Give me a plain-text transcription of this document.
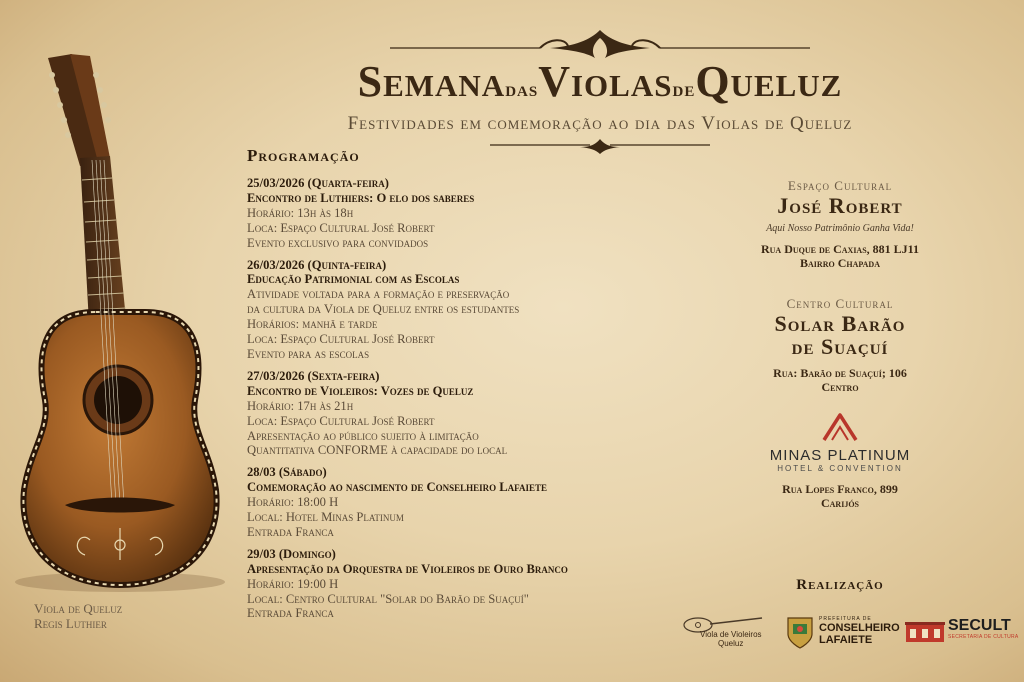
SemanadasViolasdeQueluz
Festividades em comemoração ao dia das Violas de Queluz
Viola de Queluz
Regis Luthier
Programação
25/03/2026 (Quarta-feira)
Encontro de Luthiers: O elo dos saberes
Horário: 13h às 18h
Loca: Espaço Cultural José Robert
Evento exclusivo para convidados
26/03/2026 (Quinta-feira)
Educação Patrimonial com as Escolas
Atividade voltada para a formação e preservação
da cultura da Viola de Queluz entre os estudantes
Horários: manhã e tarde
Loca: Espaço Cultural José Robert
Evento para as escolas
27/03/2026 (Sexta-feira)
Encontro de Violeiros: Vozes de Queluz
Horário: 17h às 21h
Loca: Espaço Cultural José Robert
Apresentação ao público sujeito à limitação
Quantitativa CONFORME à capacidade do local
28/03 (Sábado)
Comemoração ao nascimento de Conselheiro Lafaiete
Horário: 18:00 H
Local: Hotel Minas Platinum
Entrada Franca
29/03 (Domingo)
Apresentação da Orquestra de Violeiros de Ouro Branco
Horário: 19:00 H
Local: Centro Cultural "Solar do Barão de Suaçuí"
Entrada Franca
Espaço Cultural
José Robert
Aqui Nosso Patrimônio Ganha Vida!
Rua Duque de Caxias, 881 LJ11
Bairro Chapada
Centro Cultural
Solar Barão
de Suaçuí
Rua: Barão de Suaçuí; 106
Centro
MINAS PLATINUM
HOTEL & CONVENTION
Rua Lopes Franco, 899
Carijós
Realização
Viola de Violeiros
Queluz
PREFEITURA DE
CONSELHEIRO
LAFAIETE
SECULT
SECRETARIA DE CULTURA
